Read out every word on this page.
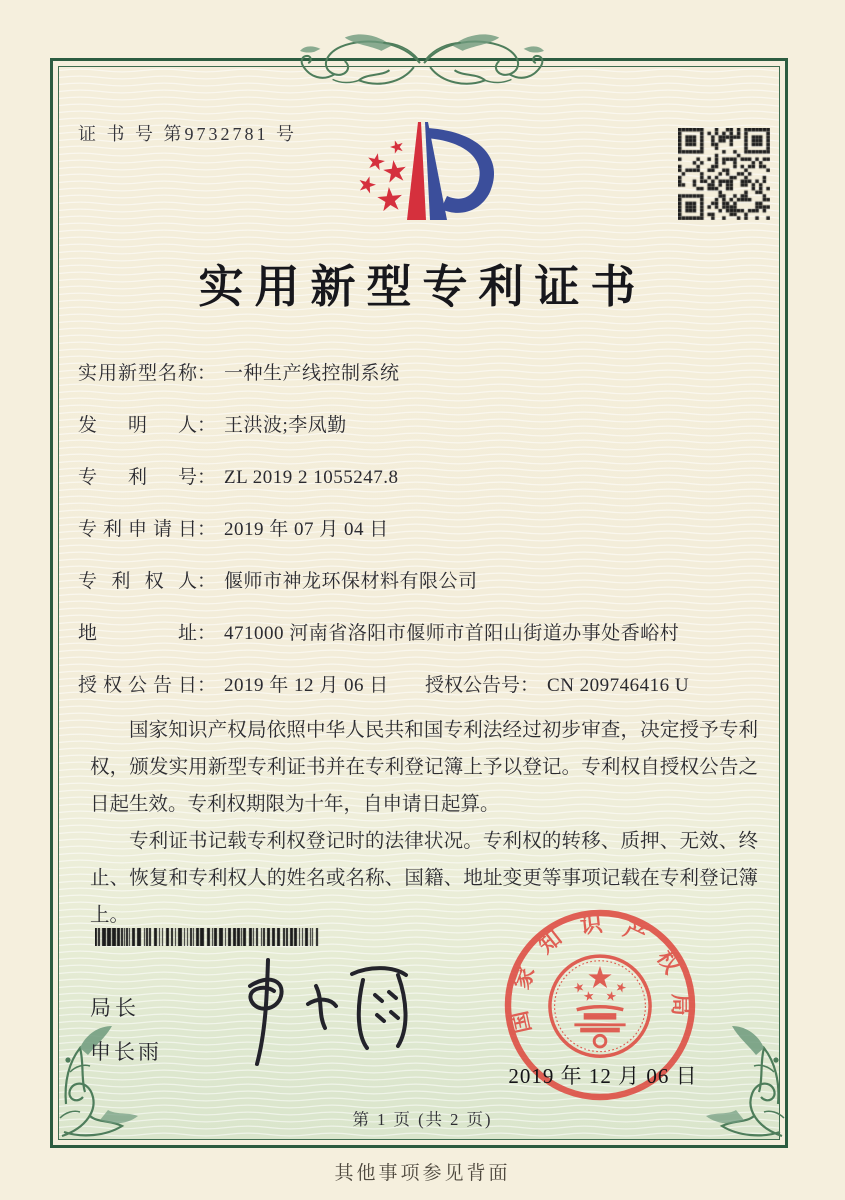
证 书 号 第9732781 号
实用新型专利证书
实用新型名称： 一种生产线控制系统
发明人： 王洪波;李凤勤
专利号： ZL 2019 2 1055247.8
专利申请日： 2019 年 07 月 04 日
专利权人： 偃师市神龙环保材料有限公司
地址： 471000 河南省洛阳市偃师市首阳山街道办事处香峪村
授权公告日： 2019 年 12 月 06 日 授权公告号： CN 209746416 U

国家知识产权局依照中华人民共和国专利法经过初步审查，决定授予专利权，颁发实用新型专利证书并在专利登记簿上予以登记。专利权自授权公告之日起生效。专利权期限为十年，自申请日起算。

专利证书记载专利权登记时的法律状况。专利权的转移、质押、无效、终止、恢复和专利权人的姓名或名称、国籍、地址变更等事项记载在专利登记簿上。

局长
申长雨
国家知识产权局
2019 年 12 月 06 日
第 1 页 (共 2 页)
其他事项参见背面
